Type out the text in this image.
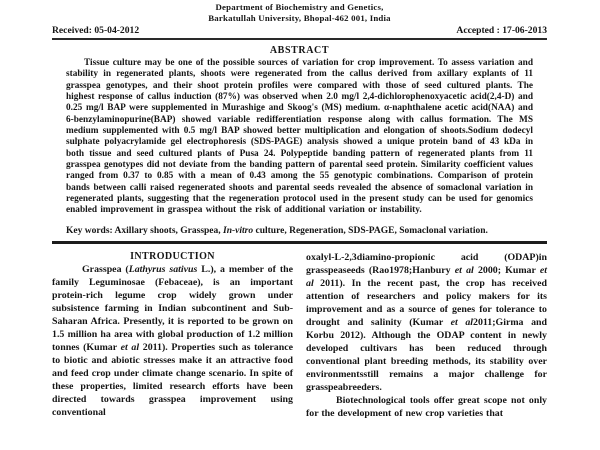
Department of Biochemistry and Genetics,
Barkatullah University, Bhopal-462 001, India
Received: 05-04-2012	Accepted : 17-06-2013
ABSTRACT

Tissue culture may be one of the possible sources of variation for crop improvement. To assess variation and stability in regenerated plants, shoots were regenerated from the callus derived from axillary explants of 11 grasspea genotypes, and their shoot protein profiles were compared with those of seed cultured plants. The highest response of callus induction (87%) was observed when 2.0 mg/l 2,4-dichlorophenoxyacetic acid(2,4-D) and 0.25 mg/l BAP were supplemented in Murashige and Skoog's (MS) medium. α-naphthalene acetic acid(NAA) and 6-benzylaminopurine(BAP) showed variable redifferentiation response along with callus formation. The MS medium supplemented with 0.5 mg/l BAP showed better multiplication and elongation of shoots.Sodium dodecyl sulphate polyacrylamide gel electrophoresis (SDS-PAGE) analysis showed a unique protein band of 43 kDa in both tissue and seed cultured plants of Pusa 24. Polypeptide banding pattern of regenerated plants from 11 grasspea genotypes did not deviate from the banding pattern of parental seed protein. Similarity coefficient values ranged from 0.37 to 0.85 with a mean of 0.43 among the 55 genotypic combinations. Comparison of protein bands between calli raised regenerated shoots and parental seeds revealed the absence of somaclonal variation in regenerated plants, suggesting that the regeneration protocol used in the present study can be used for genomics enabled improvement in grasspea without the risk of additional variation or instability.

Key words: Axillary shoots, Grasspea, In-vitro culture, Regeneration, SDS-PAGE, Somaclonal variation.

INTRODUCTION

Grasspea (Lathyrus sativus L.), a member of the family Leguminosae (Febaceae), is an important protein-rich legume crop widely grown under subsistence farming in Indian subcontinent and Sub-Saharan Africa. Presently, it is reported to be grown on 1.5 million ha area with global production of 1.2 million tonnes (Kumar et al 2011). Properties such as tolerance to biotic and abiotic stresses make it an attractive food and feed crop under climate change scenario. In spite of these properties, limited research efforts have been directed towards grasspea improvement using conventional

oxalyl-L-2,3diamino-propionic acid (ODAP)in grasspeaseeds (Rao1978;Hanbury et al 2000; Kumar et al 2011). In the recent past, the crop has received attention of researchers and policy makers for its improvement and as a source of genes for tolerance to drought and salinity (Kumar et al2011;Girma and Korbu 2012). Although the ODAP content in newly developed cultivars has been reduced through conventional plant breeding methods, its stability over environmentsstill remains a major challenge for grasspeabreeders.

Biotechnological tools offer great scope not only for the development of new crop varieties that
